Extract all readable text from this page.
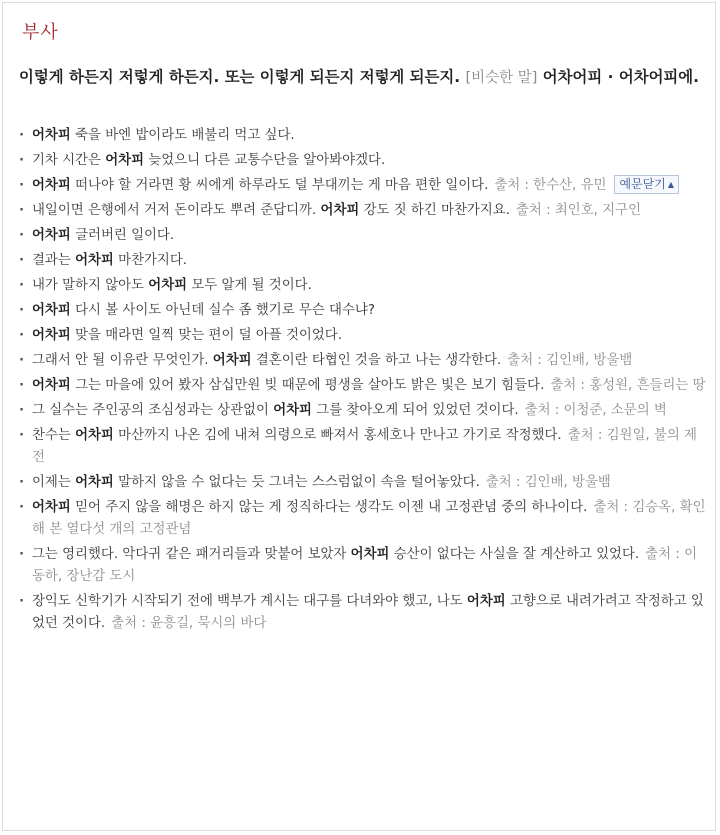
부사
이렇게 하든지 저렇게 하든지. 또는 이렇게 되든지 저렇게 되든지. [비슷한 말] 어차어피 · 어차어피에.
· 어차피 죽을 바엔 밥이라도 배불리 먹고 싶다.
· 기차 시간은 어차피 늦었으니 다른 교통수단을 알아봐야겠다.
· 어차피 떠나야 할 거라면 황 씨에게 하루라도 덜 부대끼는 게 마음 편한 일이다. 출처 : 한수산, 유민 예문닫기 ▲
· 내일이면 은행에서 거저 돈이라도 뿌려 준답디까. 어차피 강도 짓 하긴 마찬가지요. 출처 : 최인호, 지구인
· 어차피 글러버린 일이다.
· 결과는 어차피 마찬가지다.
· 내가 말하지 않아도 어차피 모두 알게 될 것이다.
· 어차피 다시 볼 사이도 아닌데 실수 좀 했기로 무슨 대수냐?
· 어차피 맞을 매라면 일찍 맞는 편이 덜 아플 것이었다.
· 그래서 안 될 이유란 무엇인가. 어차피 결혼이란 타협인 것을 하고 나는 생각한다. 출처 : 김인배, 방울뱀
· 어차피 그는 마을에 있어 봤자 삼십만원 빚 때문에 평생을 살아도 밝은 빛은 보기 힘들다. 출처 : 홍성원, 흔들리는 땅
· 그 실수는 주인공의 조심성과는 상관없이 어차피 그를 찾아오게 되어 있었던 것이다. 출처 : 이청준, 소문의 벽
· 찬수는 어차피 마산까지 나온 김에 내쳐 의령으로 빠져서 홍세호나 만나고 가기로 작정했다. 출처 : 김원일, 불의 제전
· 이제는 어차피 말하지 않을 수 없다는 듯 그녀는 스스럼없이 속을 털어놓았다. 출처 : 김인배, 방울뱀
· 어차피 믿어 주지 않을 해명은 하지 않는 게 정직하다는 생각도 이젠 내 고정관념 중의 하나이다. 출처 : 김승옥, 확인해 본 열다섯 개의 고정관념
· 그는 영리했다. 악다귀 같은 패거리들과 맞붙어 보았자 어차피 승산이 없다는 사실을 잘 계산하고 있었다. 출처 : 이동하, 장난감 도시
· 장익도 신학기가 시작되기 전에 백부가 계시는 대구를 다녀와야 했고, 나도 어차피 고향으로 내려가려고 작정하고 있었던 것이다. 출처 : 윤흥길, 묵시의 바다
